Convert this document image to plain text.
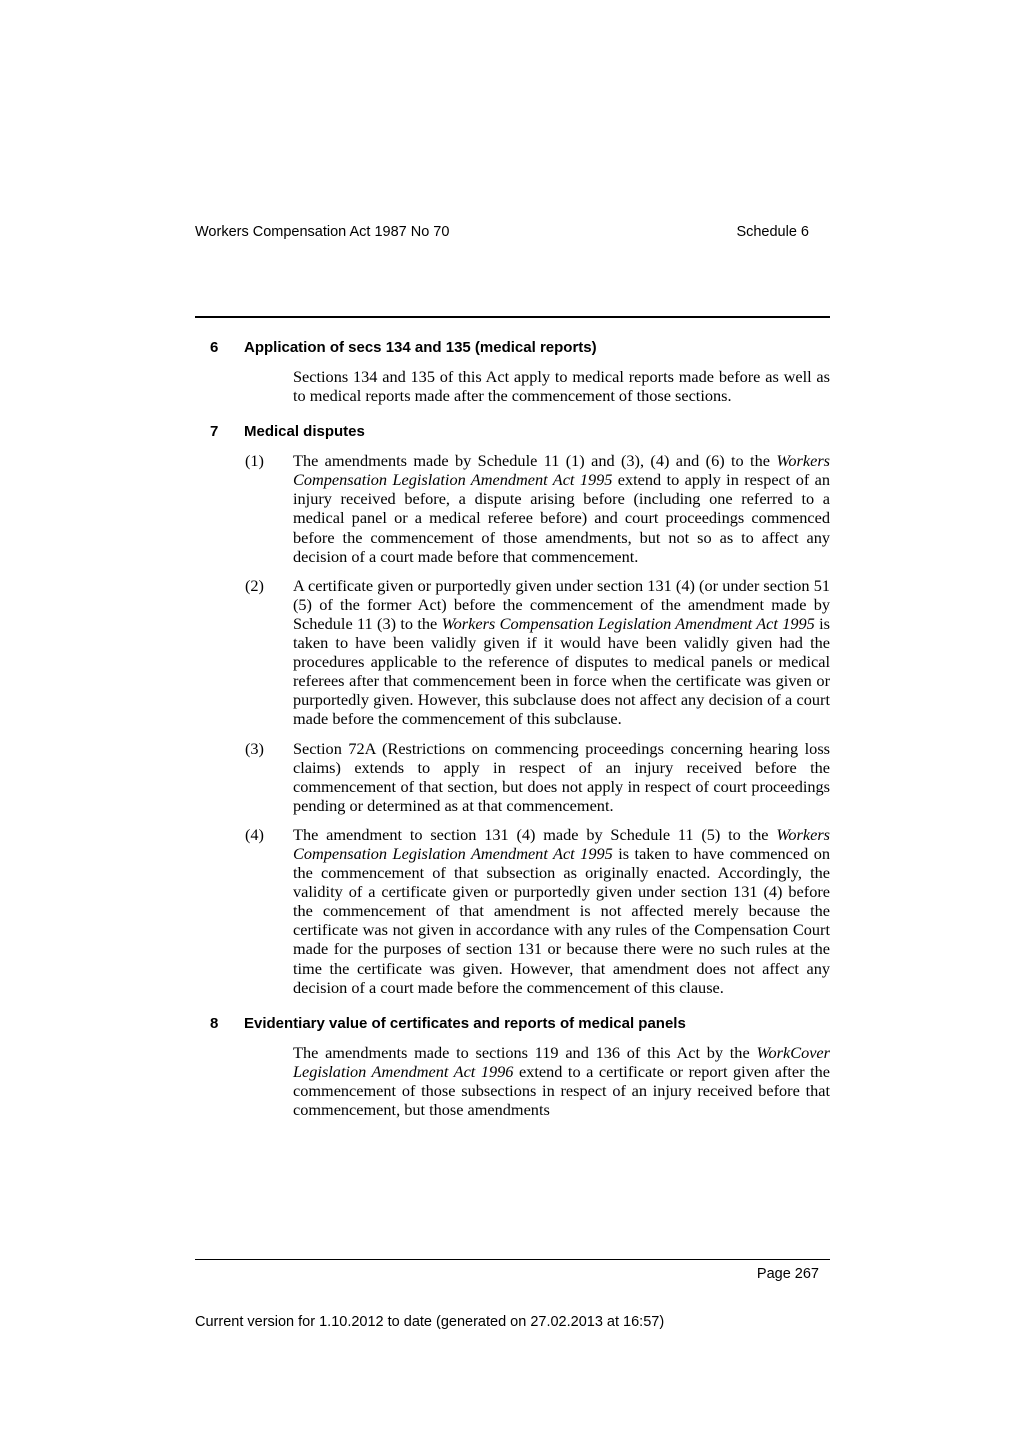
Workers Compensation Act 1987 No 70	Schedule 6
6	Application of secs 134 and 135 (medical reports)

Sections 134 and 135 of this Act apply to medical reports made before as well as to medical reports made after the commencement of those sections.

7	Medical disputes
(1)	The amendments made by Schedule 11 (1) and (3), (4) and (6) to the Workers Compensation Legislation Amendment Act 1995 extend to apply in respect of an injury received before, a dispute arising before (including one referred to a medical panel or a medical referee before) and court proceedings commenced before the commencement of those amendments, but not so as to affect any decision of a court made before that commencement.
(2)	A certificate given or purportedly given under section 131 (4) (or under section 51 (5) of the former Act) before the commencement of the amendment made by Schedule 11 (3) to the Workers Compensation Legislation Amendment Act 1995 is taken to have been validly given if it would have been validly given had the procedures applicable to the reference of disputes to medical panels or medical referees after that commencement been in force when the certificate was given or purportedly given. However, this subclause does not affect any decision of a court made before the commencement of this subclause.
(3)	Section 72A (Restrictions on commencing proceedings concerning hearing loss claims) extends to apply in respect of an injury received before the commencement of that section, but does not apply in respect of court proceedings pending or determined as at that commencement.
(4)	The amendment to section 131 (4) made by Schedule 11 (5) to the Workers Compensation Legislation Amendment Act 1995 is taken to have commenced on the commencement of that subsection as originally enacted. Accordingly, the validity of a certificate given or purportedly given under section 131 (4) before the commencement of that amendment is not affected merely because the certificate was not given in accordance with any rules of the Compensation Court made for the purposes of section 131 or because there were no such rules at the time the certificate was given. However, that amendment does not affect any decision of a court made before the commencement of this clause.
8	Evidentiary value of certificates and reports of medical panels

The amendments made to sections 119 and 136 of this Act by the WorkCover Legislation Amendment Act 1996 extend to a certificate or report given after the commencement of those subsections in respect of an injury received before that commencement, but those amendments

Page 267
Current version for 1.10.2012 to date (generated on 27.02.2013 at 16:57)
